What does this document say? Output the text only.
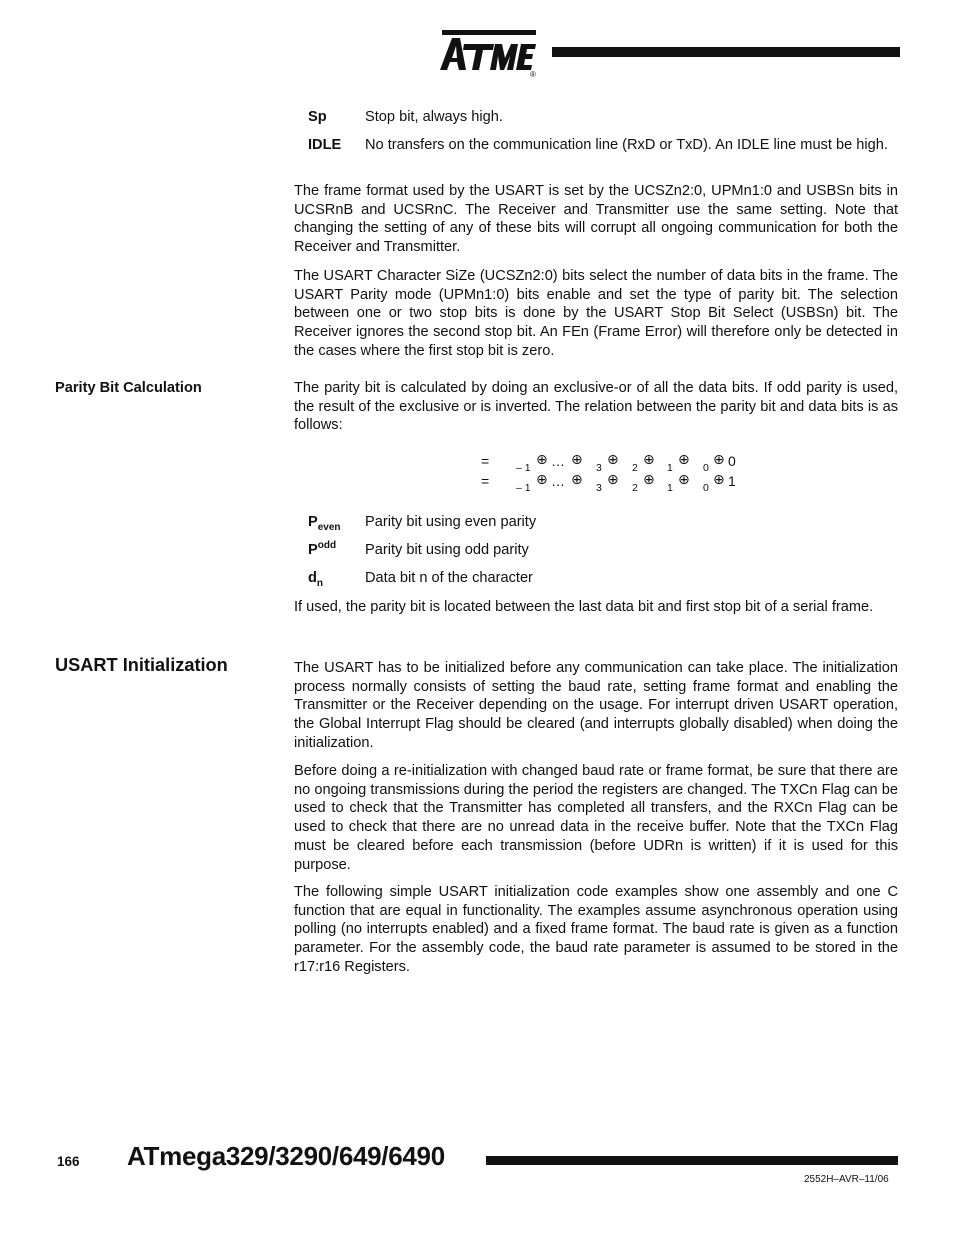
®
Sp	Stop bit, always high.
IDLE No transfers on the communication line (RxD or TxD). An IDLE line must be high.

The frame format used by the USART is set by the UCSZn2:0, UPMn1:0 and USBSn bits in UCSRnB and UCSRnC. The Receiver and Transmitter use the same setting. Note that changing the setting of any of these bits will corrupt all ongoing communication for both the Receiver and Transmitter.

The USART Character SiZe (UCSZn2:0) bits select the number of data bits in the frame. The USART Parity mode (UPMn1:0) bits enable and set the type of parity bit. The selection between one or two stop bits is done by the USART Stop Bit Select (USBSn) bit. The Receiver ignores the second stop bit. An FEn (Frame Error) will therefore only be detected in the cases where the first stop bit is zero.

Parity Bit Calculation	The parity bit is calculated by doing an exclusive-or of all the data bits. If odd parity is used, the result of the exclusive or is inverted. The relation between the parity bit and data bits is as follows:

=	– 1
⊕ … ⊕
3
⊕
2
⊕
1
⊕
0
⊕ 0
=	– 1
⊕ … ⊕
3
⊕
2
⊕
1
⊕
0
⊕ 1
$P_{even}$ Parity bit using even parity
$P^{odd}$ Parity bit using odd parity
$d_n$	Data bit n of the character

If used, the parity bit is located between the last data bit and first stop bit of a serial frame.

USART Initialization	The USART has to be initialized before any communication can take place. The initialization process normally consists of setting the baud rate, setting frame format and enabling the Transmitter or the Receiver depending on the usage. For interrupt driven USART operation, the Global Interrupt Flag should be cleared (and interrupts globally disabled) when doing the initialization.

Before doing a re-initialization with changed baud rate or frame format, be sure that there are no ongoing transmissions during the period the registers are changed. The TXCn Flag can be used to check that the Transmitter has completed all transfers, and the RXCn Flag can be used to check that there are no unread data in the receive buffer. Note that the TXCn Flag must be cleared before each transmission (before UDRn is written) if it is used for this purpose.

The following simple USART initialization code examples show one assembly and one C function that are equal in functionality. The examples assume asynchronous operation using polling (no interrupts enabled) and a fixed frame format. The baud rate is given as a function parameter. For the assembly code, the baud rate parameter is assumed to be stored in the r17:r16 Registers.

166 ATmega329/3290/649/6490
2552H–AVR–11/06
